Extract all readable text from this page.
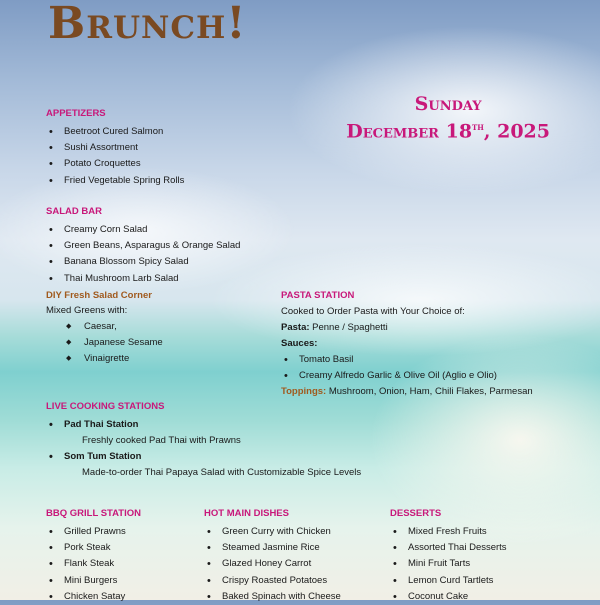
Brunch!
Sunday
December 18th, 2025
APPETIZERS
• Beetroot Cured Salmon
• Sushi Assortment
• Potato Croquettes
• Fried Vegetable Spring Rolls
SALAD BAR
• Creamy Corn Salad
• Green Beans, Asparagus & Orange Salad
• Banana Blossom Spicy Salad
• Thai Mushroom Larb Salad
DIY Fresh Salad Corner
Mixed Greens with:
◆ Caesar,
◆ Japanese Sesame
◆ Vinaigrette
PASTA STATION
Cooked to Order Pasta with Your Choice of:
Pasta: Penne / Spaghetti
Sauces:
• Tomato Basil
• Creamy Alfredo Garlic & Olive Oil (Aglio e Olio)
Toppings: Mushroom, Onion, Ham, Chili Flakes, Parmesan
LIVE COOKING STATIONS
• Pad Thai Station
Freshly cooked Pad Thai with Prawns
• Som Tum Station
Made-to-order Thai Papaya Salad with Customizable Spice Levels
BBQ GRILL STATION
• Grilled Prawns
• Pork Steak
• Flank Steak
• Mini Burgers
• Chicken Satay
HOT MAIN DISHES
• Green Curry with Chicken
• Steamed Jasmine Rice
• Glazed Honey Carrot
• Crispy Roasted Potatoes
• Baked Spinach with Cheese
DESSERTS
• Mixed Fresh Fruits
• Assorted Thai Desserts
• Mini Fruit Tarts
• Lemon Curd Tartlets
• Coconut Cake
